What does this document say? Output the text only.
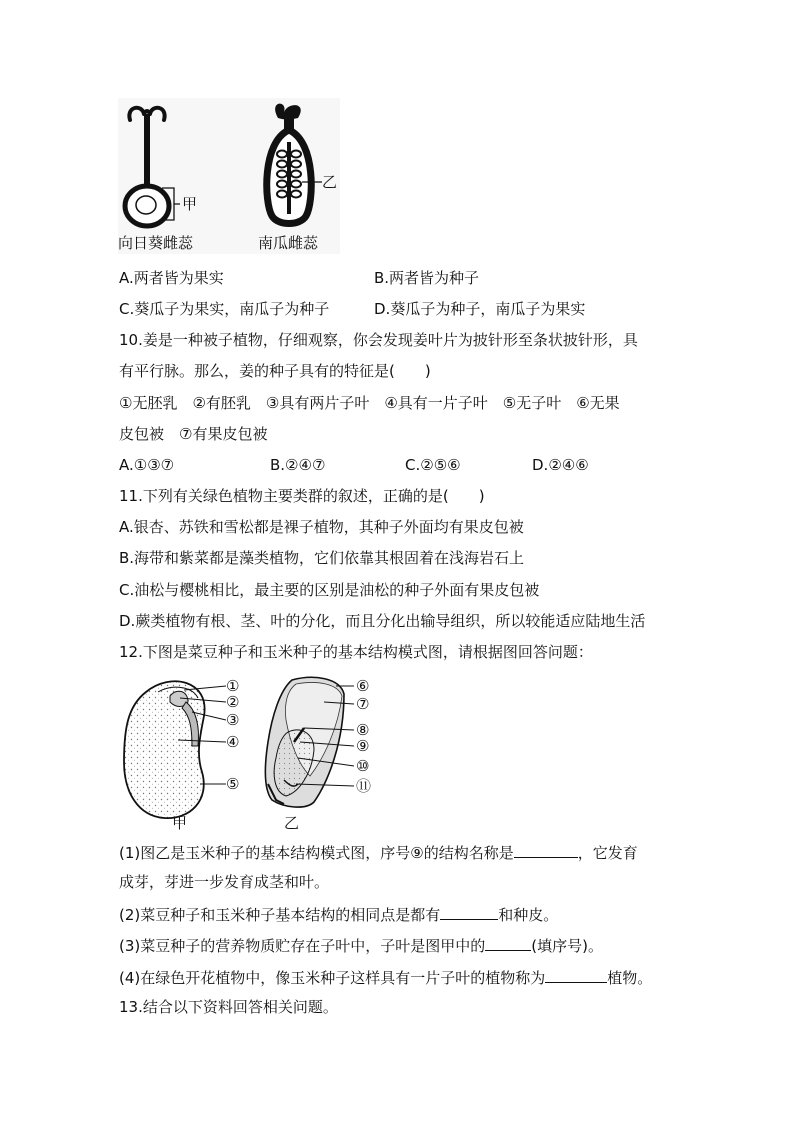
甲
乙
向日葵雌蕊	南瓜雌蕊
A.两者皆为果实	B.两者皆为种子
C.葵瓜子为果实，南瓜子为种子	D.葵瓜子为种子，南瓜子为果实
10.姜是一种被子植物，仔细观察，你会发现姜叶片为披针形至条状披针形，具
有平行脉。那么，姜的种子具有的特征是(　　)
①无胚乳　②有胚乳　③具有两片子叶　④具有一片子叶　⑤无子叶　⑥无果
皮包被　⑦有果皮包被
A.①③⑦	B.②④⑦	C.②⑤⑥	D.②④⑥
11.下列有关绿色植物主要类群的叙述，正确的是(　　)
A.银杏、苏铁和雪松都是裸子植物，其种子外面均有果皮包被
B.海带和紫菜都是藻类植物，它们依靠其根固着在浅海岩石上
C.油松与樱桃相比，最主要的区别是油松的种子外面有果皮包被
D.蕨类植物有根、茎、叶的分化，而且分化出输导组织，所以较能适应陆地生活
12.下图是菜豆种子和玉米种子的基本结构模式图，请根据图回答问题：
①
②
③
④
⑤
⑥
⑦
⑧
⑨
⑩
⑪
甲	乙
(1)图乙是玉米种子的基本结构模式图，序号⑨的结构名称是	，它发育
成芽，芽进一步发育成茎和叶。
(2)菜豆种子和玉米种子基本结构的相同点是都有	和种皮。
(3)菜豆种子的营养物质贮存在子叶中，子叶是图甲中的	(填序号)。
(4)在绿色开花植物中，像玉米种子这样具有一片子叶的植物称为	植物。
13.结合以下资料回答相关问题。
